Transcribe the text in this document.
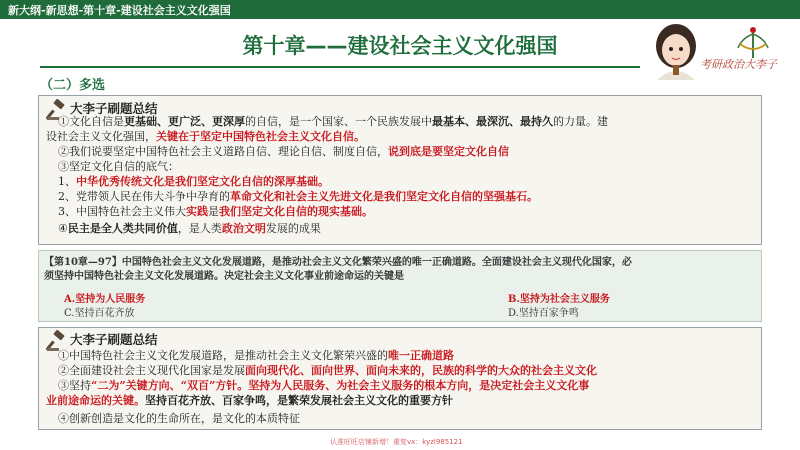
新大纲-新思想-第十章-建设社会主义文化强国
第十章——建设社会主义文化强国
考研政治大李子
（二）多选
大李子刷题总结
①文化自信是更基础、更广泛、更深厚的自信，是一个国家、一个民族发展中最基本、最深沉、最持久的力量。建
设社会主义文化强国，关键在于坚定中国特色社会主义文化自信。
②我们说要坚定中国特色社会主义道路自信、理论自信、制度自信，说到底是要坚定文化自信
③坚定文化自信的底气：
1、中华优秀传统文化是我们坚定文化自信的深厚基础。
2、党带领人民在伟大斗争中孕育的革命文化和社会主义先进文化是我们坚定文化自信的坚强基石。
3、中国特色社会主义伟大实践是我们坚定文化自信的现实基础。
④民主是全人类共同价值，是人类政治文明发展的成果
【第10章—97】中国特色社会主义文化发展道路，是推动社会主义文化繁荣兴盛的唯一正确道路。全面建设社会主义现代化国家，必
须坚持中国特色社会主义文化发展道路。决定社会主义文化事业前途命运的关键是
A.坚持为人民服务	B.坚持为社会主义服务
C.坚持百花齐放	D.坚持百家争鸣
大李子刷题总结
①中国特色社会主义文化发展道路，是推动社会主义文化繁荣兴盛的唯一正确道路
②全面建设社会主义现代化国家是发展面向现代化、面向世界、面向未来的，民族的科学的大众的社会主义文化
③坚持“二为”关键方向、“双百”方针。坚持为人民服务、为社会主义服务的根本方向，是决定社会主义文化事
业前途命运的关键。坚持百花齐放、百家争鸣，是繁荣发展社会主义文化的重要方针
④创新创造是文化的生命所在，是文化的本质特征
认准旺旺店铺新增！重复vx：kyzl985121
